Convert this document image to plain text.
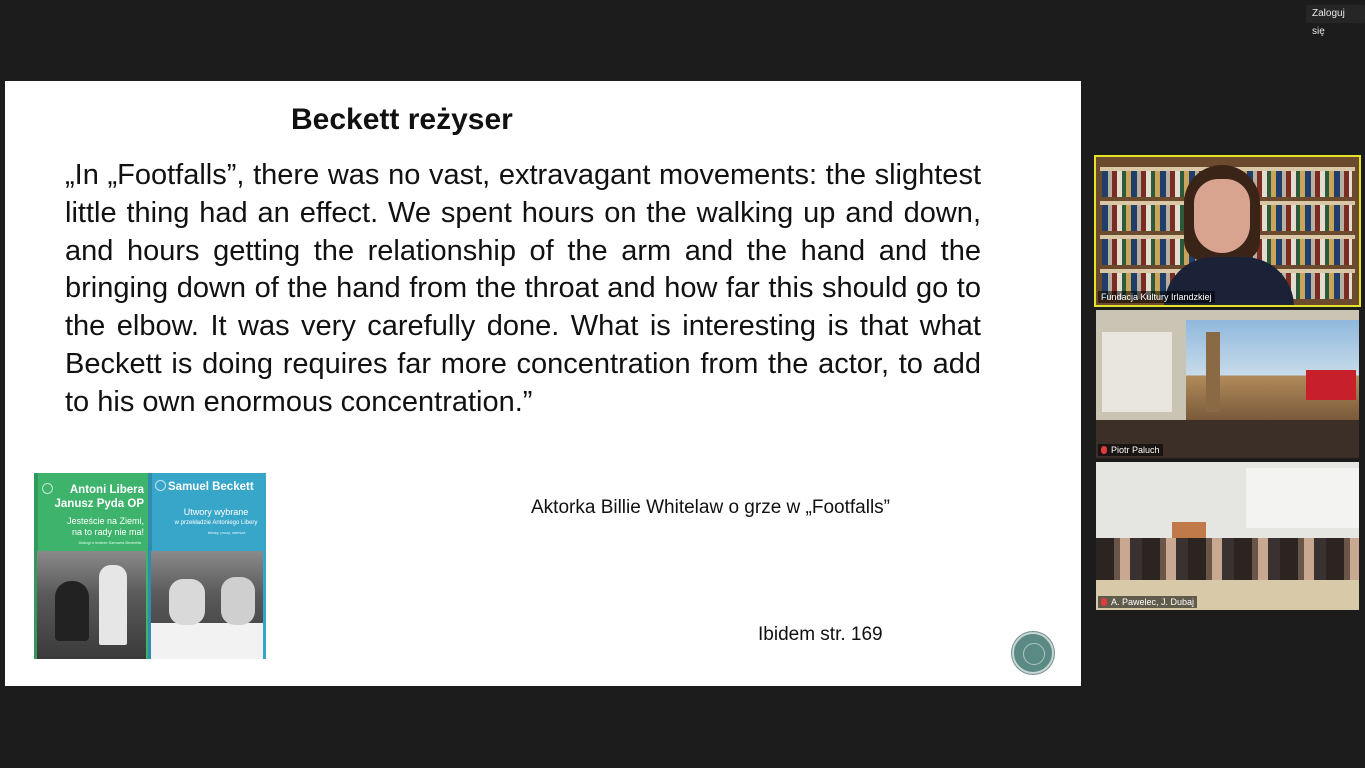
Zaloguj się
Beckett reżyser
„In „Footfalls”, there was no vast, extravagant movements: the slightest little thing had an effect. We spent hours on the walking up and down, and hours getting the relationship of the arm and the hand and the bringing down of the hand from the throat and how far this should go to the elbow. It was very carefully done. What is interesting is that what Beckett is doing requires far more concentration from the actor, to add to his own enormous concentration.”
Antoni Libera
Janusz Pyda OP
Jesteście na Ziemi,
na to rady nie ma!
Dialogi o teatrze Samuela Becketta
Samuel Beckett
Utwory wybrane
w przekładzie Antoniego Libery
teksty, prozy, wiersze
Aktorka Billie Whitelaw o grze w „Footfalls”
Ibidem str. 169
Fundacja Kultury Irlandzkiej
Piotr Paluch
A. Pawelec, J. Dubaj
